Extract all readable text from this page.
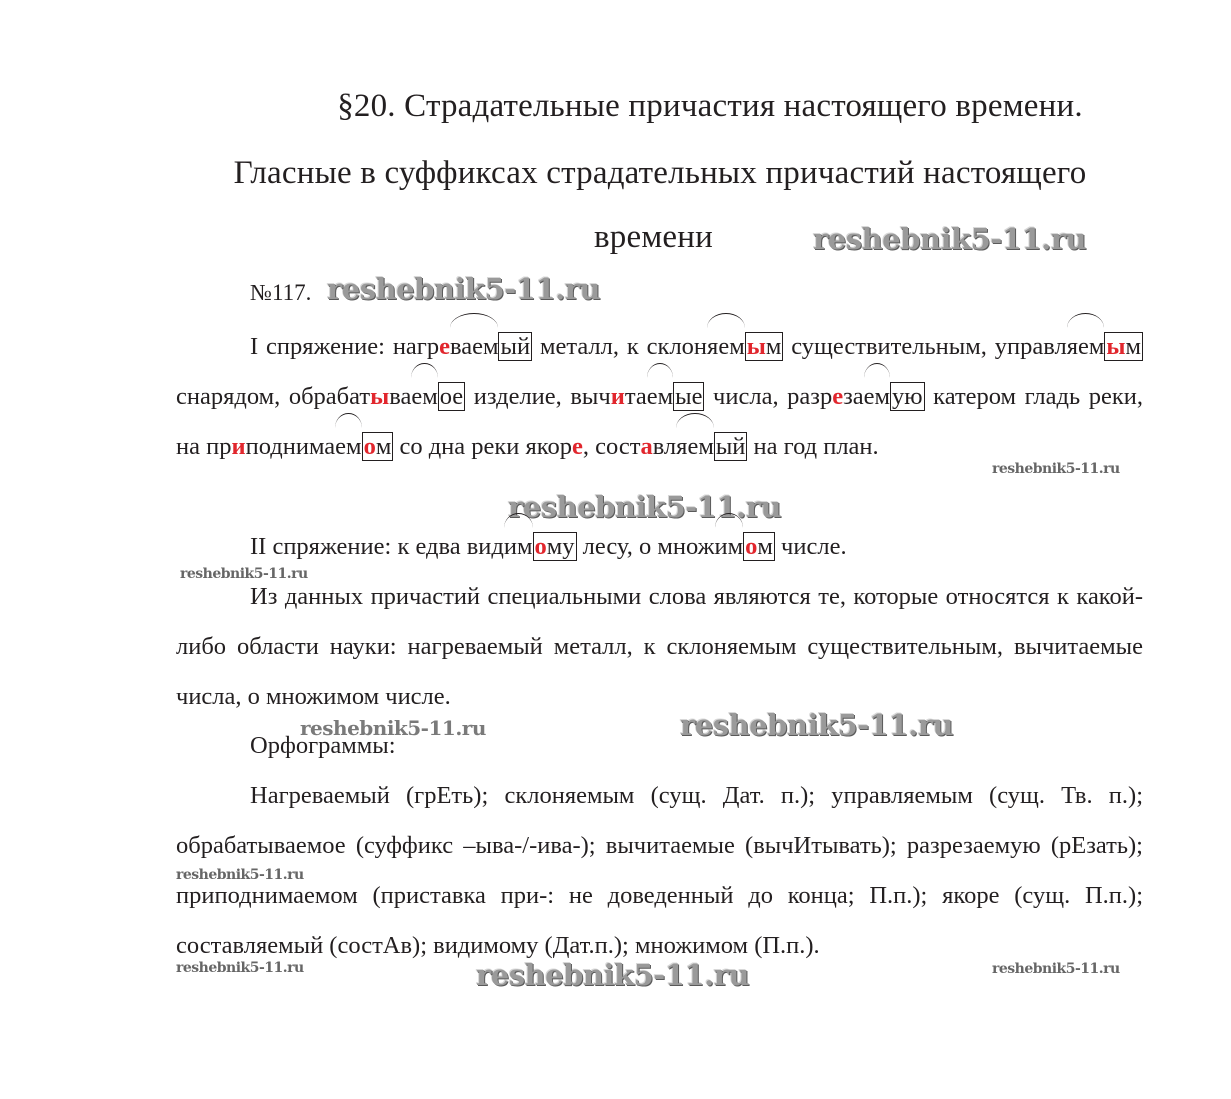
§20. Страдательные причастия настоящего времени.
Гласные в суффиксах страдательных причастий настоящего
времени	reshebnik5-11.ru
№117. reshebnik5-11.ru
I спряжение: нагреваемый металл, к склоняемым существительным, управляемым снарядом, обрабатываемое изделие, вычитаемые числа, разрезаемую катером гладь реки, на приподнимаемом со дна реки якоре, составляемый на год план.
reshebnik5-11.ru
reshebnik5-11.ru
II спряжение: к едва видимому лесу, о множимом числе.
reshebnik5-11.ru
Из данных причастий специальными слова являются те, которые относятся к какой-либо области науки: нагреваемый металл, к склоняемым существительным, вычитаемые числа, о множимом числе.
reshebnik5-11.ru	reshebnik5-11.ru
Орфограммы:
Нагреваемый (грЕть); склоняемым (сущ. Дат. п.); управляемым (сущ. Тв. п.); обрабатываемое (суффикс –ыва-/-ива-); вычитаемые (вычИтывать); разрезаемую (рЕзать); приподнимаемом (приставка при-: не доведенный до конца; П.п.); якоре (сущ. П.п.); составляемый (состАв); видимому (Дат.п.); множимом (П.п.).
reshebnik5-11.ru
reshebnik5-11.ru	reshebnik5-11.ru
reshebnik5-11.ru
